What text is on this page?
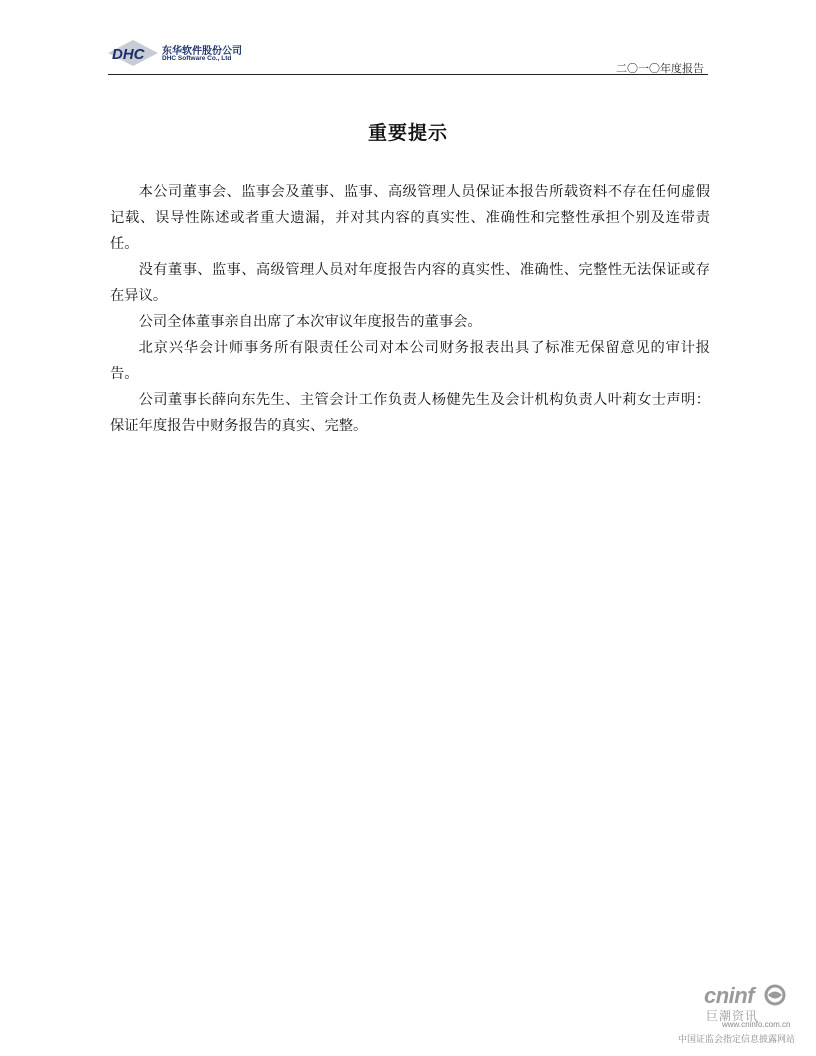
DHC 东华软件股份公司
DHC Software Co., Ltd
二〇一〇年度报告
重要提示

本公司董事会、监事会及董事、监事、高级管理人员保证本报告所载资料不存在任何虚假记载、误导性陈述或者重大遗漏，并对其内容的真实性、准确性和完整性承担个别及连带责任。

没有董事、监事、高级管理人员对年度报告内容的真实性、准确性、完整性无法保证或存在异议。

公司全体董事亲自出席了本次审议年度报告的董事会。

北京兴华会计师事务所有限责任公司对本公司财务报表出具了标准无保留意见的审计报告。

公司董事长薛向东先生、主管会计工作负责人杨健先生及会计机构负责人叶莉女士声明：保证年度报告中财务报告的真实、完整。

cninf
巨潮资讯
www.cninfo.com.cn
中国证监会指定信息披露网站
